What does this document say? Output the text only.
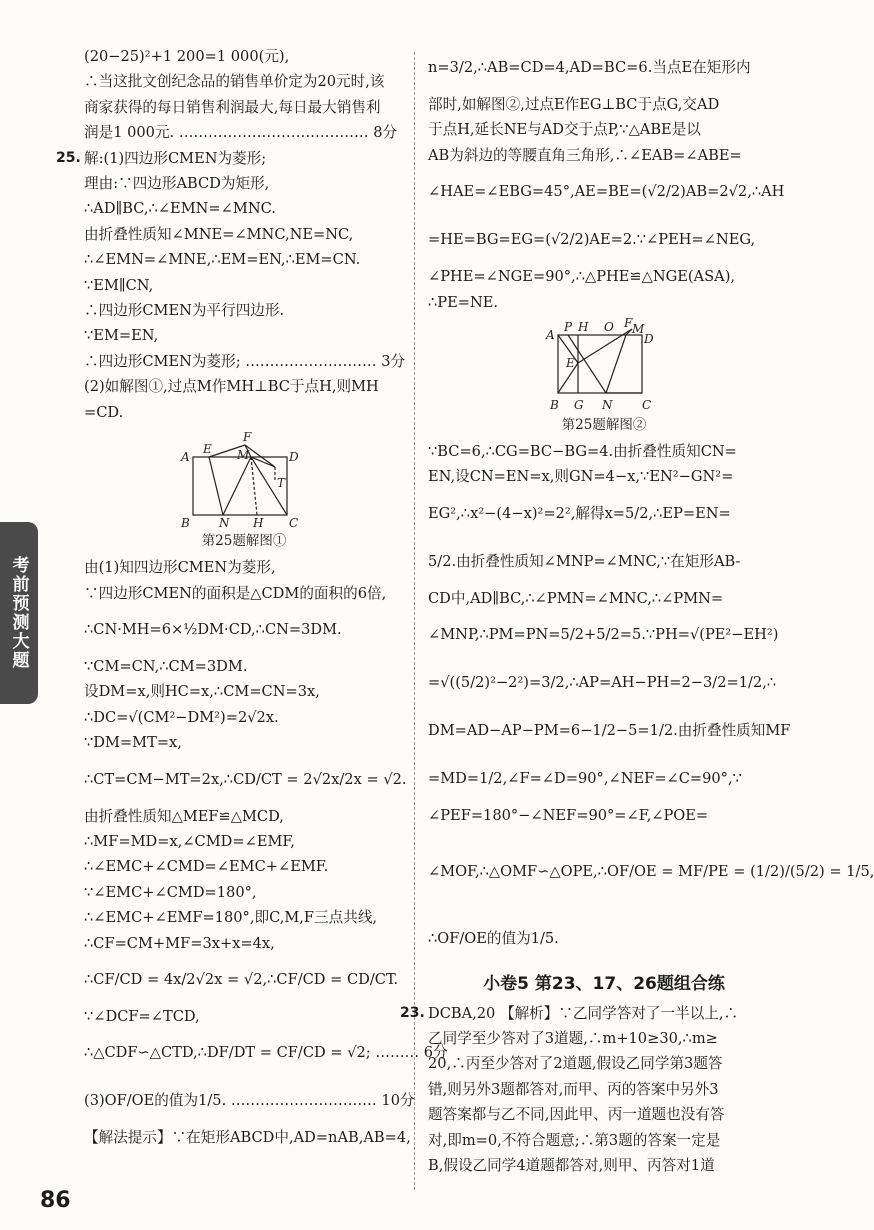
考前预测大题
(20−25)²+1 200=1 000(元),
∴当这批文创纪念品的销售单价定为20元时,该
商家获得的每日销售利润最大,每日最大销售利
润是1 000元. ………………………………… 8分
25. 解:(1)四边形CMEN为菱形;
理由:∵四边形ABCD为矩形,
∴AD∥BC,∴∠EMN=∠MNC.
由折叠性质知∠MNE=∠MNC,NE=NC,
∴∠EMN=∠MNE,∴EM=EN,∴EM=CN.
∵EM∥CN,
∴四边形CMEN为平行四边形.
∵EM=EN,
∴四边形CMEN为菱形; ……………………… 3分
(2)如解图①,过点M作MH⊥BC于点H,则MH
=CD.
A
E
F
M	D
T
B N H C
第25题解图①
由(1)知四边形CMEN为菱形,
∵四边形CMEN的面积是△CDM的面积的6倍,
∴CN·MH=6×½DM·CD,∴CN=3DM.
∵CM=CN,∴CM=3DM.
设DM=x,则HC=x,∴CM=CN=3x,
∴DC=√(CM²−DM²)=2√2x.
∵DM=MT=x,
∴CT=CM−MT=2x,∴CD/CT = 2√2x/2x = √2.
由折叠性质知△MEF≌△MCD,
∴MF=MD=x,∠CMD=∠EMF,
∴∠EMC+∠CMD=∠EMC+∠EMF.
∵∠EMC+∠CMD=180°,
∴∠EMC+∠EMF=180°,即C,M,F三点共线,
∴CF=CM+MF=3x+x=4x,
∴CF/CD = 4x/2√2x = √2,∴CF/CD = CD/CT.
∵∠DCF=∠TCD,
∴△CDF∽△CTD,∴DF/DT = CF/CD = √2; ……… 6分
(3)OF/OE的值为1/5. ………………………… 10分
【解法提示】∵在矩形ABCD中,AD=nAB,AB=4,
n=3/2,∴AB=CD=4,AD=BC=6.当点E在矩形内
部时,如解图②,过点E作EG⊥BC于点G,交AD
于点H,延长NE与AD交于点P,∵△ABE是以
AB为斜边的等腰直角三角形,∴∠EAB=∠ABE=
∠HAE=∠EBG=45°,AE=BE=(√2/2)AB=2√2,∴AH
=HE=BG=EG=(√2/2)AE=2.∵∠PEH=∠NEG,
∠PHE=∠NGE=90°,∴△PHE≌△NGE(ASA),
∴PE=NE.
A
P H O F M
D
E
B G N C
第25题解图②
∵BC=6,∴CG=BC−BG=4.由折叠性质知CN=
EN,设CN=EN=x,则GN=4−x,∵EN²−GN²=
EG²,∴x²−(4−x)²=2²,解得x=5/2,∴EP=EN=
5/2.由折叠性质知∠MNP=∠MNC,∵在矩形AB-
CD中,AD∥BC,∴∠PMN=∠MNC,∴∠PMN=
∠MNP,∴PM=PN=5/2+5/2=5.∵PH=√(PE²−EH²)
=√((5/2)²−2²)=3/2,∴AP=AH−PH=2−3/2=1/2,∴
DM=AD−AP−PM=6−1/2−5=1/2.由折叠性质知MF
=MD=1/2,∠F=∠D=90°,∠NEF=∠C=90°,∵
∠PEF=180°−∠NEF=90°=∠F,∠POE=
∠MOF,∴△OMF∽△OPE,∴OF/OE = MF/PE = (1/2)/(5/2) = 1/5,
∴OF/OE的值为1/5.
小卷5 第23、17、26题组合练
23. DCBA,20 【解析】∵乙同学答对了一半以上,∴
乙同学至少答对了3道题,∴m+10≥30,∴m≥
20,∴丙至少答对了2道题,假设乙同学第3题答
错,则另外3题都答对,而甲、丙的答案中另外3
题答案都与乙不同,因此甲、丙一道题也没有答
对,即m=0,不符合题意;∴第3题的答案一定是
B,假设乙同学4道题都答对,则甲、丙答对1道
86
